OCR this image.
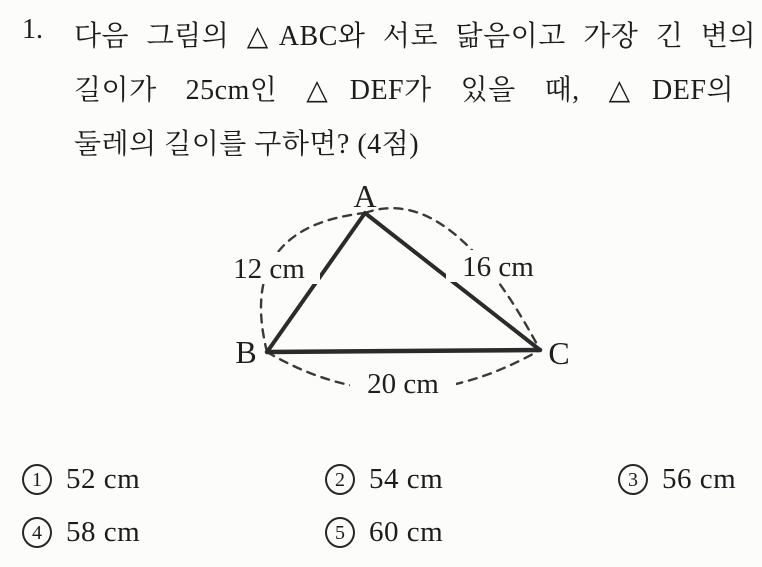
1. 다음 그림의 △ABC와 서로 닮음이고 가장 긴 변의
길이가 25cm인 △DEF가 있을 때, △DEF의
둘레의 길이를 구하면? (4점)
A
B	C
12 cm	16 cm
20 cm
1 52 cm	2 54 cm	3 56 cm
4 58 cm	5 60 cm
